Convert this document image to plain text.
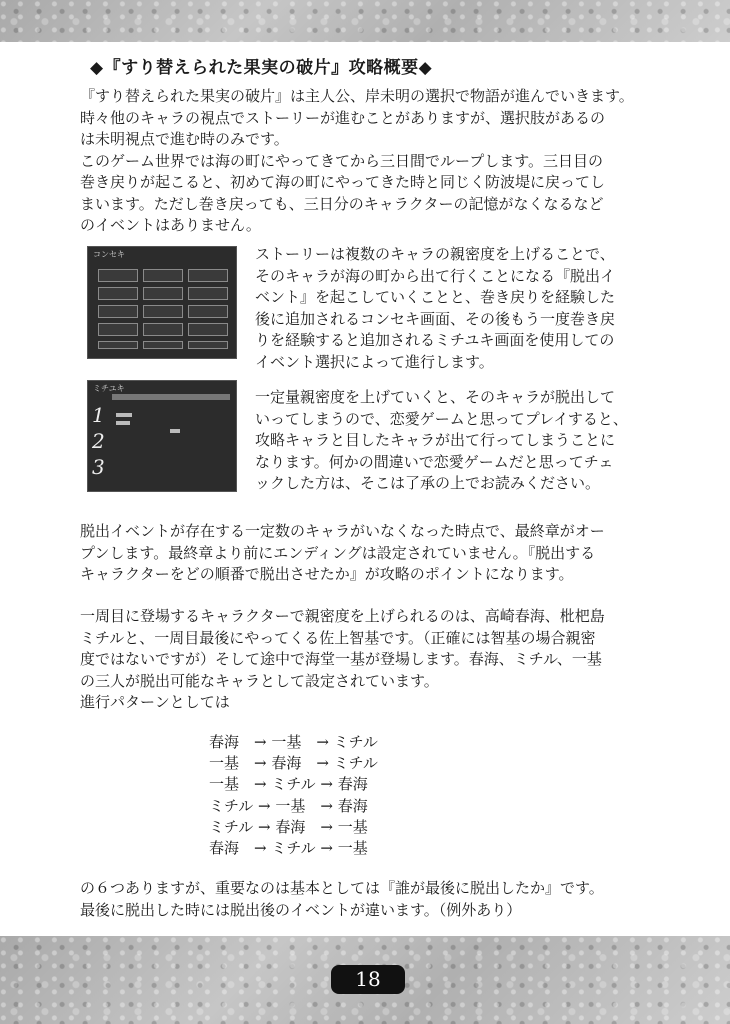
◆『すり替えられた果実の破片』攻略概要◆

『すり替えられた果実の破片』は主人公、岸未明の選択で物語が進んでいきます。
時々他のキャラの視点でストーリーが進むことがありますが、選択肢があるの
は未明視点で進む時のみです。
このゲーム世界では海の町にやってきてから三日間でループします。三日目の
巻き戻りが起こると、初めて海の町にやってきた時と同じく防波堤に戻ってし
まいます。ただし巻き戻っても、三日分のキャラクターの記憶がなくなるなど
のイベントはありません。

コンセキ	ストーリーは複数のキャラの親密度を上げることで、
そのキャラが海の町から出て行くことになる『脱出イ
ベント』を起こしていくことと、巻き戻りを経験した
後に追加されるコンセキ画面、その後もう一度巻き戻
りを経験すると追加されるミチユキ画面を使用しての
イベント選択によって進行します。

ミチユキ
1
2
3

一定量親密度を上げていくと、そのキャラが脱出して
いってしまうので、恋愛ゲームと思ってプレイすると、
攻略キャラと目したキャラが出て行ってしまうことに
なります。何かの間違いで恋愛ゲームだと思ってチェ
ックした方は、そこは了承の上でお読みください。

脱出イベントが存在する一定数のキャラがいなくなった時点で、最終章がオー
プンします。最終章より前にエンディングは設定されていません。『脱出する
キャラクターをどの順番で脱出させたか』が攻略のポイントになります。

一周目に登場するキャラクターで親密度を上げられるのは、高崎春海、枇杷島
ミチルと、一周目最後にやってくる佐上智基です。（正確には智基の場合親密
度ではないですが）そして途中で海堂一基が登場します。春海、ミチル、一基
の三人が脱出可能なキャラとして設定されています。
進行パターンとしては

春海　→ 一基　→ ミチル
一基　→ 春海　→ ミチル
一基　→ ミチル → 春海
ミチル → 一基　→ 春海
ミチル → 春海　→ 一基
春海　→ ミチル → 一基

の６つありますが、重要なのは基本としては『誰が最後に脱出したか』です。
最後に脱出した時には脱出後のイベントが違います。（例外あり）

18
